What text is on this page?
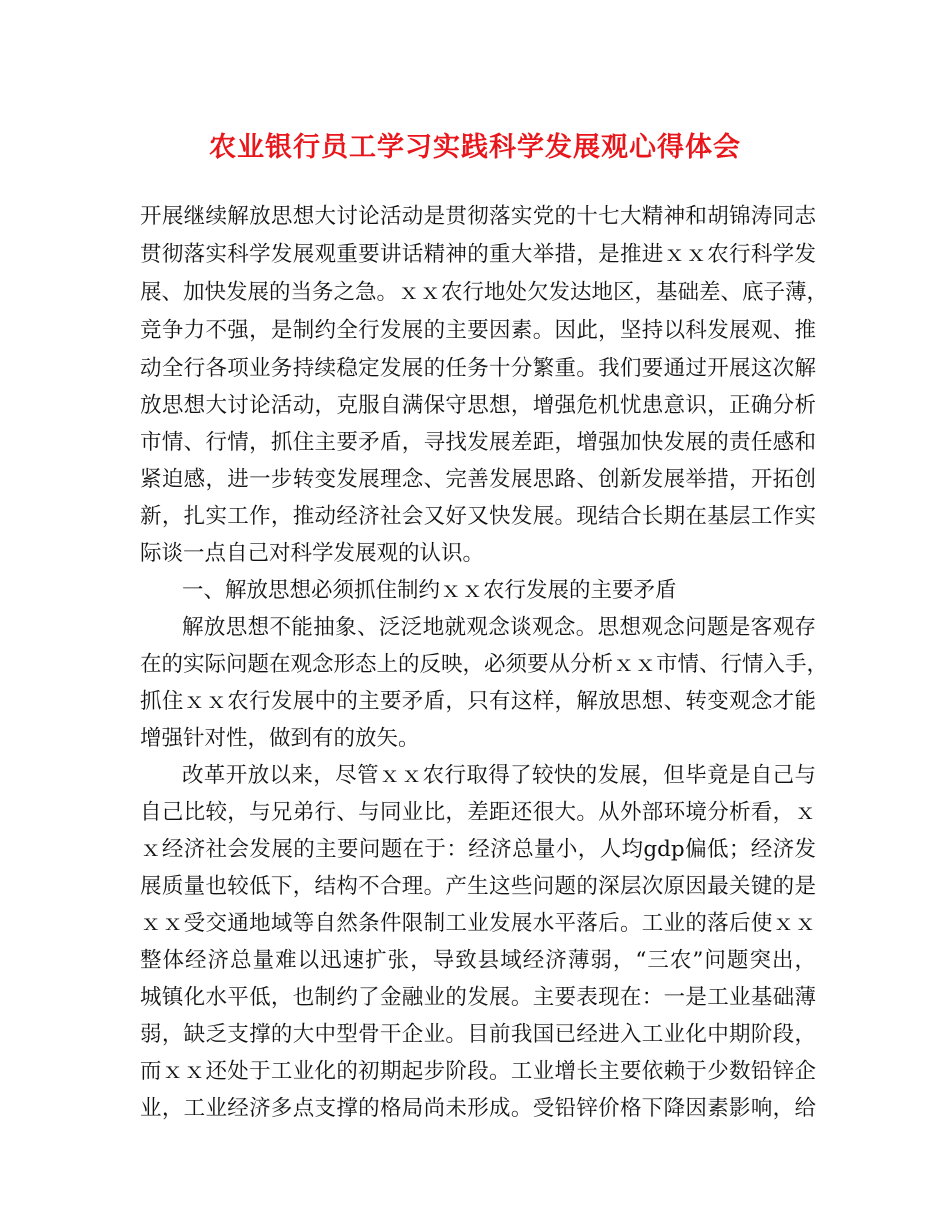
农业银行员工学习实践科学发展观心得体会

开展继续解放思想大讨论活动是贯彻落实党的十七大精神和胡锦涛同志

贯彻落实科学发展观重要讲话精神的重大举措，是推进ｘｘ农行科学发

展、加快发展的当务之急。ｘｘ农行地处欠发达地区，基础差、底子薄，

竞争力不强，是制约全行发展的主要因素。因此，坚持以科发展观、推

动全行各项业务持续稳定发展的任务十分繁重。我们要通过开展这次解

放思想大讨论活动，克服自满保守思想，增强危机忧患意识，正确分析

市情、行情，抓住主要矛盾，寻找发展差距，增强加快发展的责任感和

紧迫感，进一步转变发展理念、完善发展思路、创新发展举措，开拓创

新，扎实工作，推动经济社会又好又快发展。现结合长期在基层工作实

际谈一点自己对科学发展观的认识。

一、解放思想必须抓住制约ｘｘ农行发展的主要矛盾

解放思想不能抽象、泛泛地就观念谈观念。思想观念问题是客观存

在的实际问题在观念形态上的反映，必须要从分析ｘｘ市情、行情入手，

抓住ｘｘ农行发展中的主要矛盾，只有这样，解放思想、转变观念才能

增强针对性，做到有的放矢。

改革开放以来，尽管ｘｘ农行取得了较快的发展，但毕竟是自己与

自己比较，与兄弟行、与同业比，差距还很大。从外部环境分析看，ｘ

ｘ经济社会发展的主要问题在于：经济总量小，人均gdp偏低；经济发

展质量也较低下，结构不合理。产生这些问题的深层次原因最关键的是

ｘｘ受交通地域等自然条件限制工业发展水平落后。工业的落后使ｘｘ

整体经济总量难以迅速扩张，导致县域经济薄弱，“三农”问题突出，

城镇化水平低，也制约了金融业的发展。主要表现在：一是工业基础薄

弱，缺乏支撑的大中型骨干企业。目前我国已经进入工业化中期阶段，

而ｘｘ还处于工业化的初期起步阶段。工业增长主要依赖于少数铅锌企

业，工业经济多点支撑的格局尚未形成。受铅锌价格下降因素影响，给
